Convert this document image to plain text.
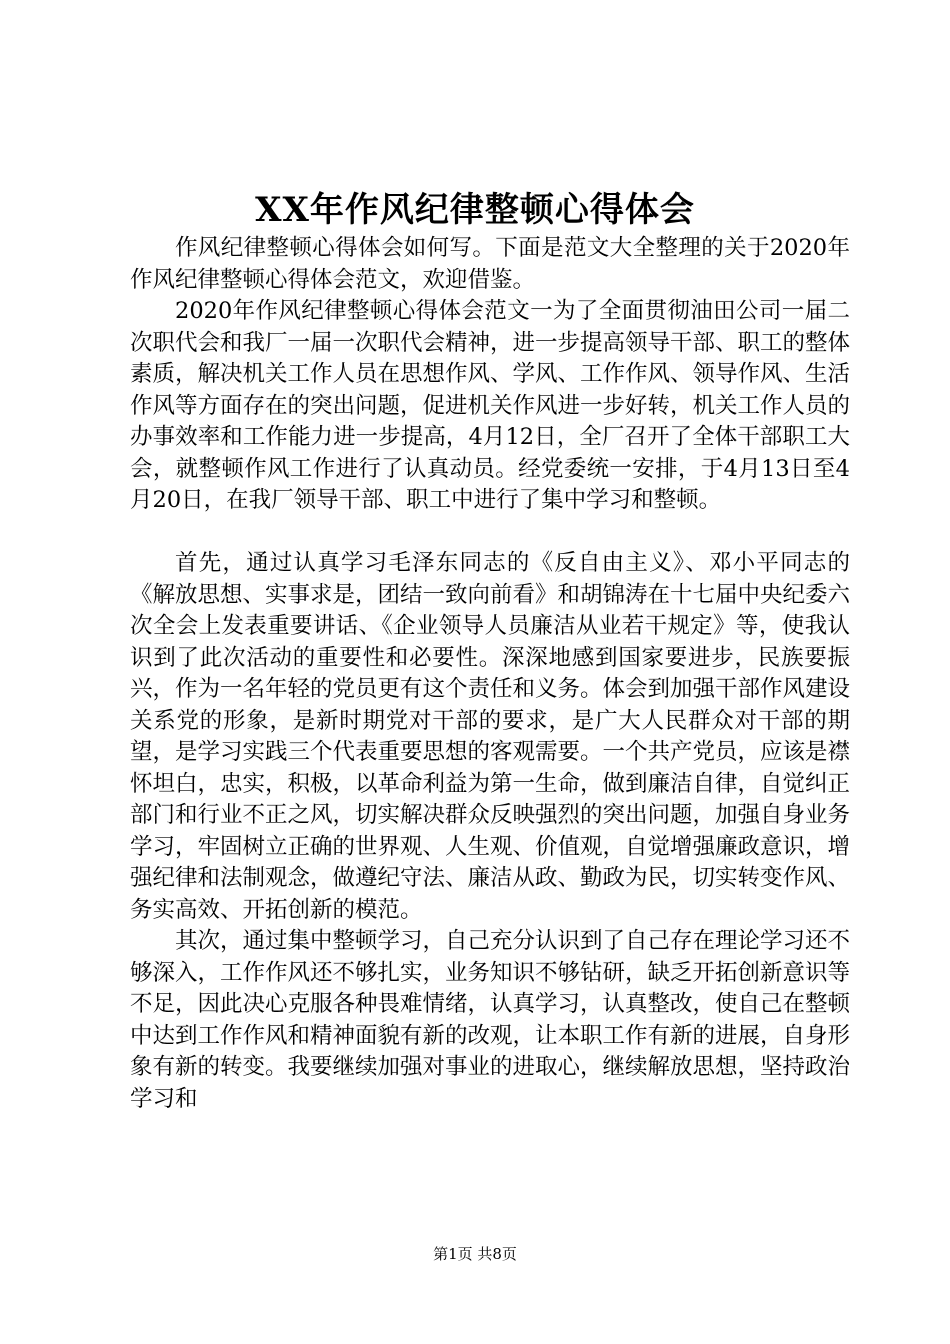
XX年作风纪律整顿心得体会

作风纪律整顿心得体会如何写。下面是范文大全整理的关于2020年作风纪律整顿心得体会范文，欢迎借鉴。

2020年作风纪律整顿心得体会范文一为了全面贯彻油田公司一届二次职代会和我厂一届一次职代会精神，进一步提高领导干部、职工的整体素质，解决机关工作人员在思想作风、学风、工作作风、领导作风、生活作风等方面存在的突出问题，促进机关作风进一步好转，机关工作人员的办事效率和工作能力进一步提高，4月12日，全厂召开了全体干部职工大会，就整顿作风工作进行了认真动员。经党委统一安排，于4月13日至4月20日，在我厂领导干部、职工中进行了集中学习和整顿。

首先，通过认真学习毛泽东同志的《反自由主义》、邓小平同志的《解放思想、实事求是，团结一致向前看》和胡锦涛在十七届中央纪委六次全会上发表重要讲话、《企业领导人员廉洁从业若干规定》等，使我认识到了此次活动的重要性和必要性。深深地感到国家要进步，民族要振兴，作为一名年轻的党员更有这个责任和义务。体会到加强干部作风建设关系党的形象，是新时期党对干部的要求，是广大人民群众对干部的期望，是学习实践三个代表重要思想的客观需要。一个共产党员，应该是襟怀坦白，忠实，积极，以革命利益为第一生命，做到廉洁自律，自觉纠正部门和行业不正之风，切实解决群众反映强烈的突出问题，加强自身业务学习，牢固树立正确的世界观、人生观、价值观，自觉增强廉政意识，增强纪律和法制观念，做遵纪守法、廉洁从政、勤政为民，切实转变作风、务实高效、开拓创新的模范。

其次，通过集中整顿学习，自己充分认识到了自己存在理论学习还不够深入，工作作风还不够扎实，业务知识不够钻研，缺乏开拓创新意识等不足，因此决心克服各种畏难情绪，认真学习，认真整改，使自己在整顿中达到工作作风和精神面貌有新的改观，让本职工作有新的进展，自身形象有新的转变。我要继续加强对事业的进取心，继续解放思想，坚持政治学习和

第1页 共8页
